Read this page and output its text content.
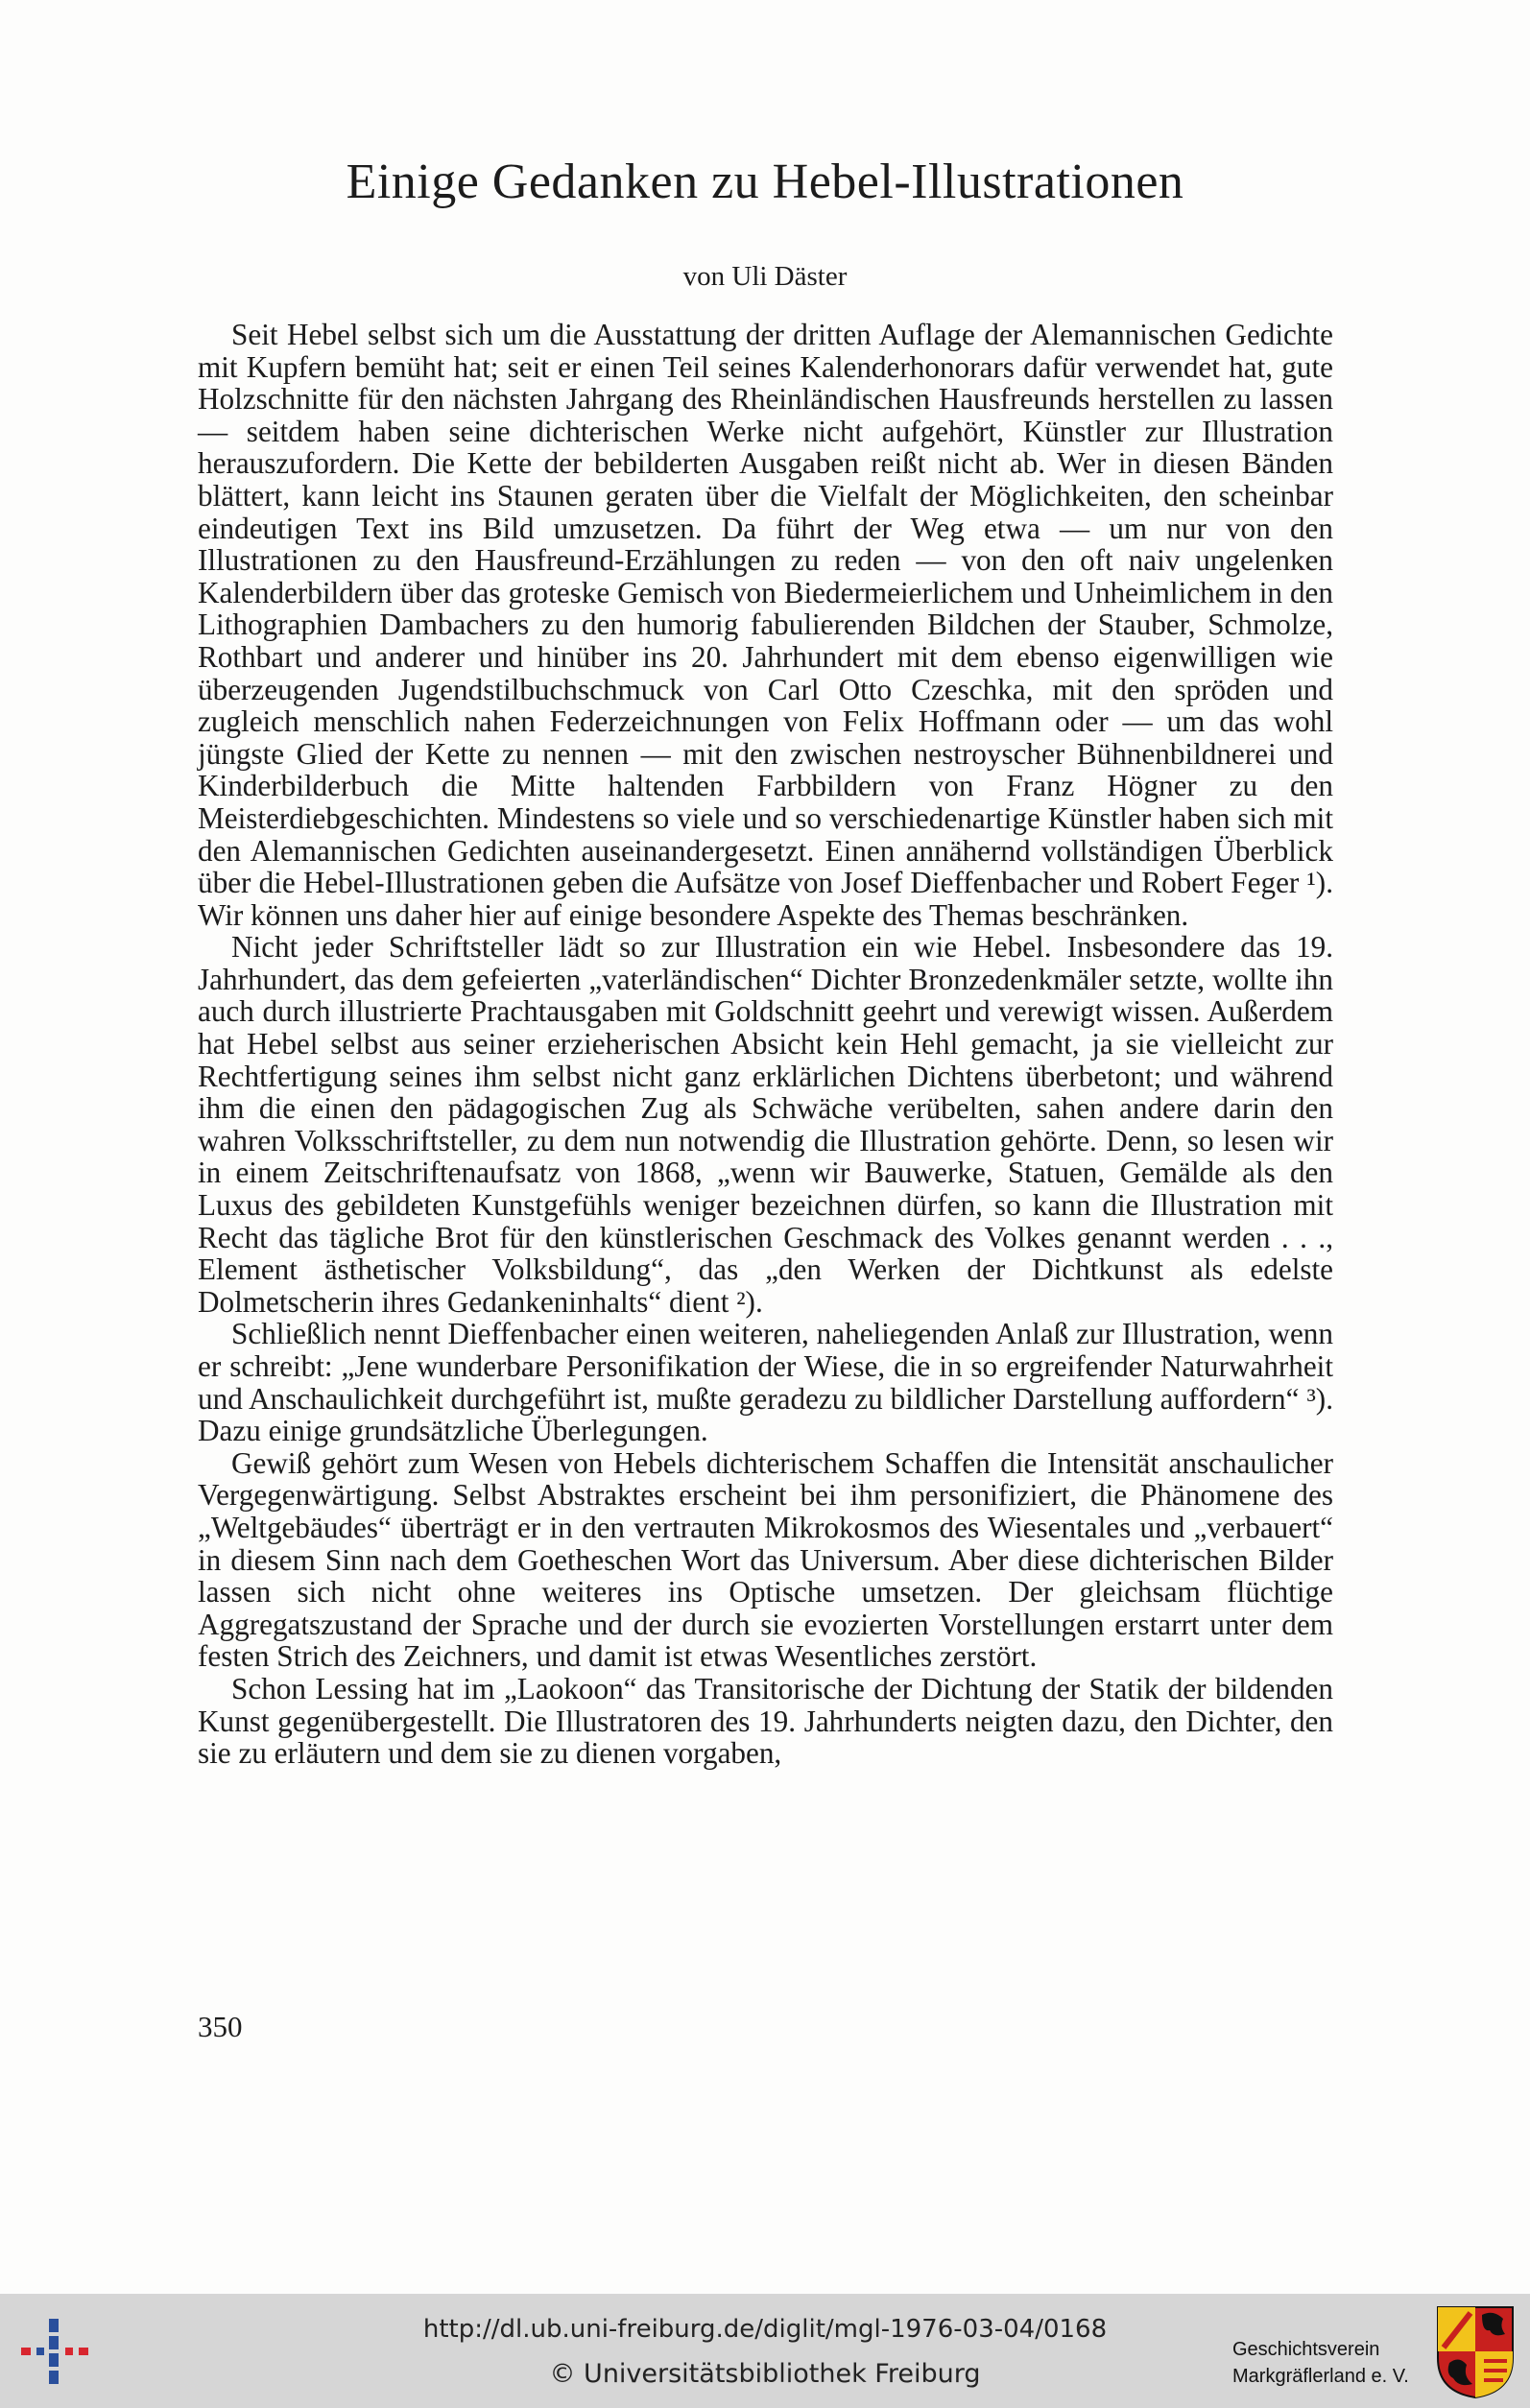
Einige Gedanken zu Hebel-Illustrationen
von Uli Däster

Seit Hebel selbst sich um die Ausstattung der dritten Auflage der Alemannischen Gedichte mit Kupfern bemüht hat; seit er einen Teil seines Kalenderhonorars dafür verwendet hat, gute Holzschnitte für den nächsten Jahrgang des Rheinländischen Hausfreunds herstellen zu lassen — seitdem haben seine dichterischen Werke nicht aufgehört, Künstler zur Illustration herauszufordern. Die Kette der bebilderten Ausgaben reißt nicht ab. Wer in diesen Bänden blättert, kann leicht ins Staunen geraten über die Vielfalt der Möglichkeiten, den scheinbar eindeutigen Text ins Bild umzusetzen. Da führt der Weg etwa — um nur von den Illustrationen zu den Hausfreund-Erzählungen zu reden — von den oft naiv ungelenken Kalenderbildern über das groteske Gemisch von Biedermeierlichem und Unheimlichem in den Lithographien Dambachers zu den humorig fabulierenden Bildchen der Stauber, Schmolze, Rothbart und anderer und hinüber ins 20. Jahrhundert mit dem ebenso eigenwilligen wie überzeugenden Jugendstilbuchschmuck von Carl Otto Czeschka, mit den spröden und zugleich menschlich nahen Federzeichnungen von Felix Hoffmann oder — um das wohl jüngste Glied der Kette zu nennen — mit den zwischen nestroyscher Bühnenbildnerei und Kinderbilderbuch die Mitte haltenden Farbbildern von Franz Högner zu den Meisterdiebgeschichten. Mindestens so viele und so verschiedenartige Künstler haben sich mit den Alemannischen Gedichten auseinandergesetzt. Einen annähernd vollständigen Überblick über die Hebel-Illustrationen geben die Aufsätze von Josef Dieffenbacher und Robert Feger ¹). Wir können uns daher hier auf einige besondere Aspekte des Themas beschränken.

Nicht jeder Schriftsteller lädt so zur Illustration ein wie Hebel. Insbesondere das 19. Jahrhundert, das dem gefeierten „vaterländischen“ Dichter Bronzedenkmäler setzte, wollte ihn auch durch illustrierte Prachtausgaben mit Goldschnitt geehrt und verewigt wissen. Außerdem hat Hebel selbst aus seiner erzieherischen Absicht kein Hehl gemacht, ja sie vielleicht zur Rechtfertigung seines ihm selbst nicht ganz erklärlichen Dichtens überbetont; und während ihm die einen den pädagogischen Zug als Schwäche verübelten, sahen andere darin den wahren Volksschriftsteller, zu dem nun notwendig die Illustration gehörte. Denn, so lesen wir in einem Zeitschriftenaufsatz von 1868, „wenn wir Bauwerke, Statuen, Gemälde als den Luxus des gebildeten Kunstgefühls weniger bezeichnen dürfen, so kann die Illustration mit Recht das tägliche Brot für den künstlerischen Geschmack des Volkes genannt werden . . ., Element ästhetischer Volksbildung“, das „den Werken der Dichtkunst als edelste Dolmetscherin ihres Gedankeninhalts“ dient ²).

Schließlich nennt Dieffenbacher einen weiteren, naheliegenden Anlaß zur Illustration, wenn er schreibt: „Jene wunderbare Personifikation der Wiese, die in so ergreifender Naturwahrheit und Anschaulichkeit durchgeführt ist, mußte geradezu zu bildlicher Darstellung auffordern“ ³). Dazu einige grundsätzliche Überlegungen.

Gewiß gehört zum Wesen von Hebels dichterischem Schaffen die Intensität anschaulicher Vergegenwärtigung. Selbst Abstraktes erscheint bei ihm personifiziert, die Phänomene des „Weltgebäudes“ überträgt er in den vertrauten Mikrokosmos des Wiesentales und „verbauert“ in diesem Sinn nach dem Goetheschen Wort das Universum. Aber diese dichterischen Bilder lassen sich nicht ohne weiteres ins Optische umsetzen. Der gleichsam flüchtige Aggregatszustand der Sprache und der durch sie evozierten Vorstellungen erstarrt unter dem festen Strich des Zeichners, und damit ist etwas Wesentliches zerstört.

Schon Lessing hat im „Laokoon“ das Transitorische der Dichtung der Statik der bildenden Kunst gegenübergestellt. Die Illustratoren des 19. Jahrhunderts neigten dazu, den Dichter, den sie zu erläutern und dem sie zu dienen vorgaben,

350
http://dl.ub.uni-freiburg.de/diglit/mgl-1976-03-04/0168
© Universitätsbibliothek Freiburg
Geschichtsverein
Markgräflerland e. V.
